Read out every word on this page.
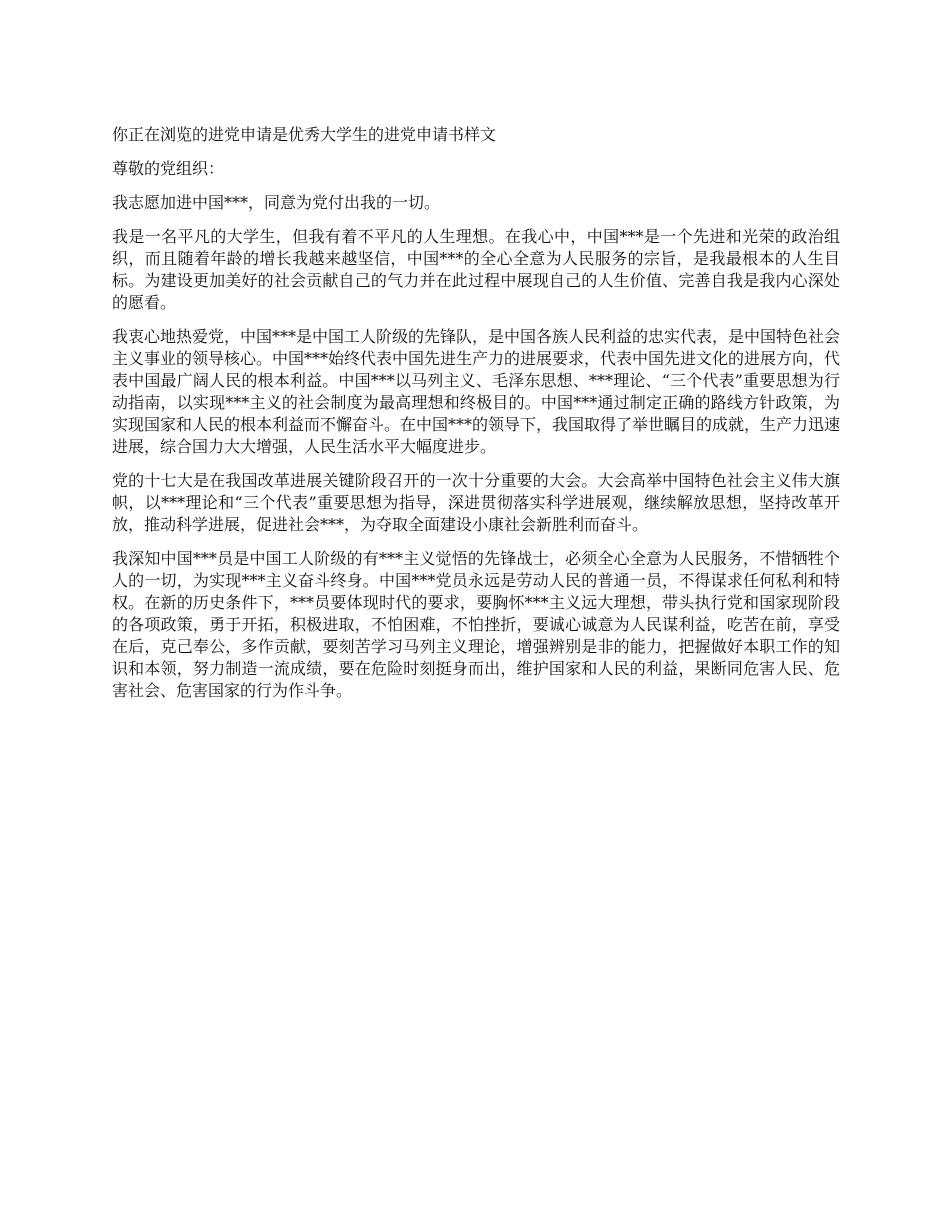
你正在浏览的进党申请是优秀大学生的进党申请书样文

尊敬的党组织：

我志愿加进中国***，同意为党付出我的一切。

我是一名平凡的大学生，但我有着不平凡的人生理想。在我心中，中国***是一个先进和光荣的政治组织，而且随着年龄的增长我越来越坚信，中国***的全心全意为人民服务的宗旨，是我最根本的人生目标。为建设更加美好的社会贡献自己的气力并在此过程中展现自己的人生价值、完善自我是我内心深处的愿看。

我衷心地热爱党，中国***是中国工人阶级的先锋队，是中国各族人民利益的忠实代表，是中国特色社会主义事业的领导核心。中国***始终代表中国先进生产力的进展要求，代表中国先进文化的进展方向，代表中国最广阔人民的根本利益。中国***以马列主义、毛泽东思想、***理论、“三个代表”重要思想为行动指南，以实现***主义的社会制度为最高理想和终极目的。中国***通过制定正确的路线方针政策，为实现国家和人民的根本利益而不懈奋斗。在中国***的领导下，我国取得了举世瞩目的成就，生产力迅速进展，综合国力大大增强，人民生活水平大幅度进步。

党的十七大是在我国改革进展关键阶段召开的一次十分重要的大会。大会高举中国特色社会主义伟大旗帜，以***理论和“三个代表”重要思想为指导，深进贯彻落实科学进展观，继续解放思想，坚持改革开放，推动科学进展，促进社会***，为夺取全面建设小康社会新胜利而奋斗。

我深知中国***员是中国工人阶级的有***主义觉悟的先锋战士，必须全心全意为人民服务，不惜牺牲个人的一切，为实现***主义奋斗终身。中国***党员永远是劳动人民的普通一员，不得谋求任何私利和特权。在新的历史条件下，***员要体现时代的要求，要胸怀***主义远大理想，带头执行党和国家现阶段的各项政策，勇于开拓，积极进取，不怕困难，不怕挫折，要诚心诚意为人民谋利益，吃苦在前，享受在后，克己奉公，多作贡献，要刻苦学习马列主义理论，增强辨别是非的能力，把握做好本职工作的知识和本领，努力制造一流成绩，要在危险时刻挺身而出，维护国家和人民的利益，果断同危害人民、危害社会、危害国家的行为作斗争。
